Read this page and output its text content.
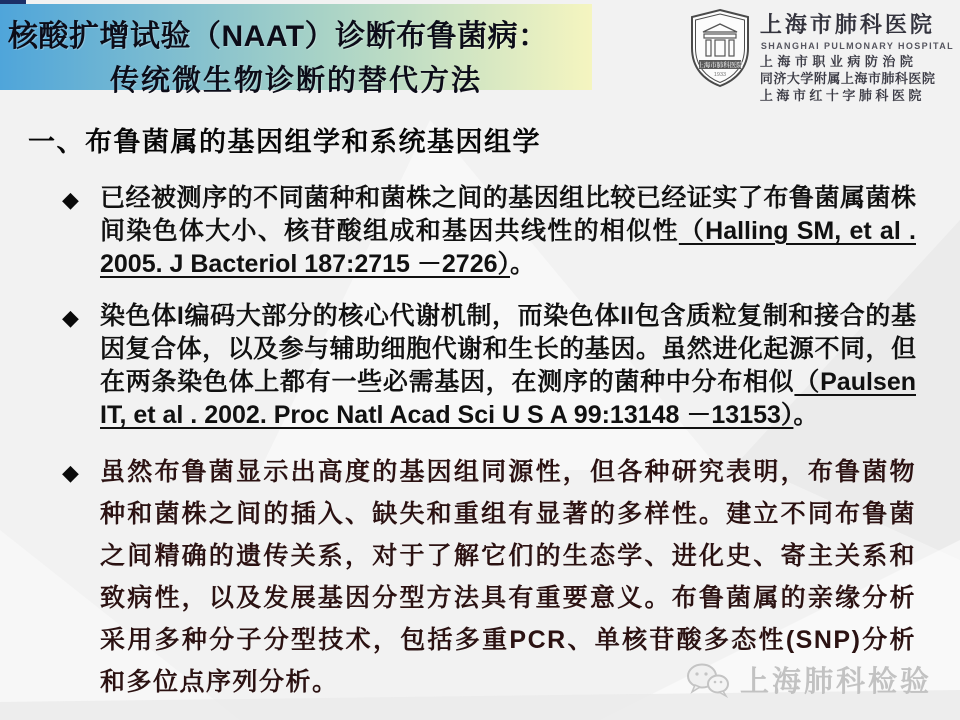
核酸扩增试验（NAAT）诊断布鲁菌病：
传统微生物诊断的替代方法	上海市肺科医院
1933
上海市肺科医院
SHANGHAI PULMONARY HOSPITAL
上海市职业病防治院
同济大学附属上海市肺科医院
上海市红十字肺科医院
一、布鲁菌属的基因组学和系统基因组学
◆ 已经被测序的不同菌种和菌株之间的基因组比较已经证实了布鲁菌属菌株间染色体大小、核苷酸组成和基因共线性的相似性（Halling SM, et al . 2005. J Bacteriol 187:2715 －2726）。
◆ 染色体I编码大部分的核心代谢机制，而染色体II包含质粒复制和接合的基因复合体，以及参与辅助细胞代谢和生长的基因。虽然进化起源不同，但在两条染色体上都有一些必需基因，在测序的菌种中分布相似（Paulsen IT, et al . 2002. Proc Natl Acad Sci U S A 99:13148 －13153）。
◆ 虽然布鲁菌显示出高度的基因组同源性，但各种研究表明，布鲁菌物种和菌株之间的插入、缺失和重组有显著的多样性。建立不同布鲁菌之间精确的遗传关系，对于了解它们的生态学、进化史、寄主关系和致病性，以及发展基因分型方法具有重要意义。布鲁菌属的亲缘分析采用多种分子分型技术，包括多重PCR、单核苷酸多态性(SNP)分析和多位点序列分析。	上海肺科检验
